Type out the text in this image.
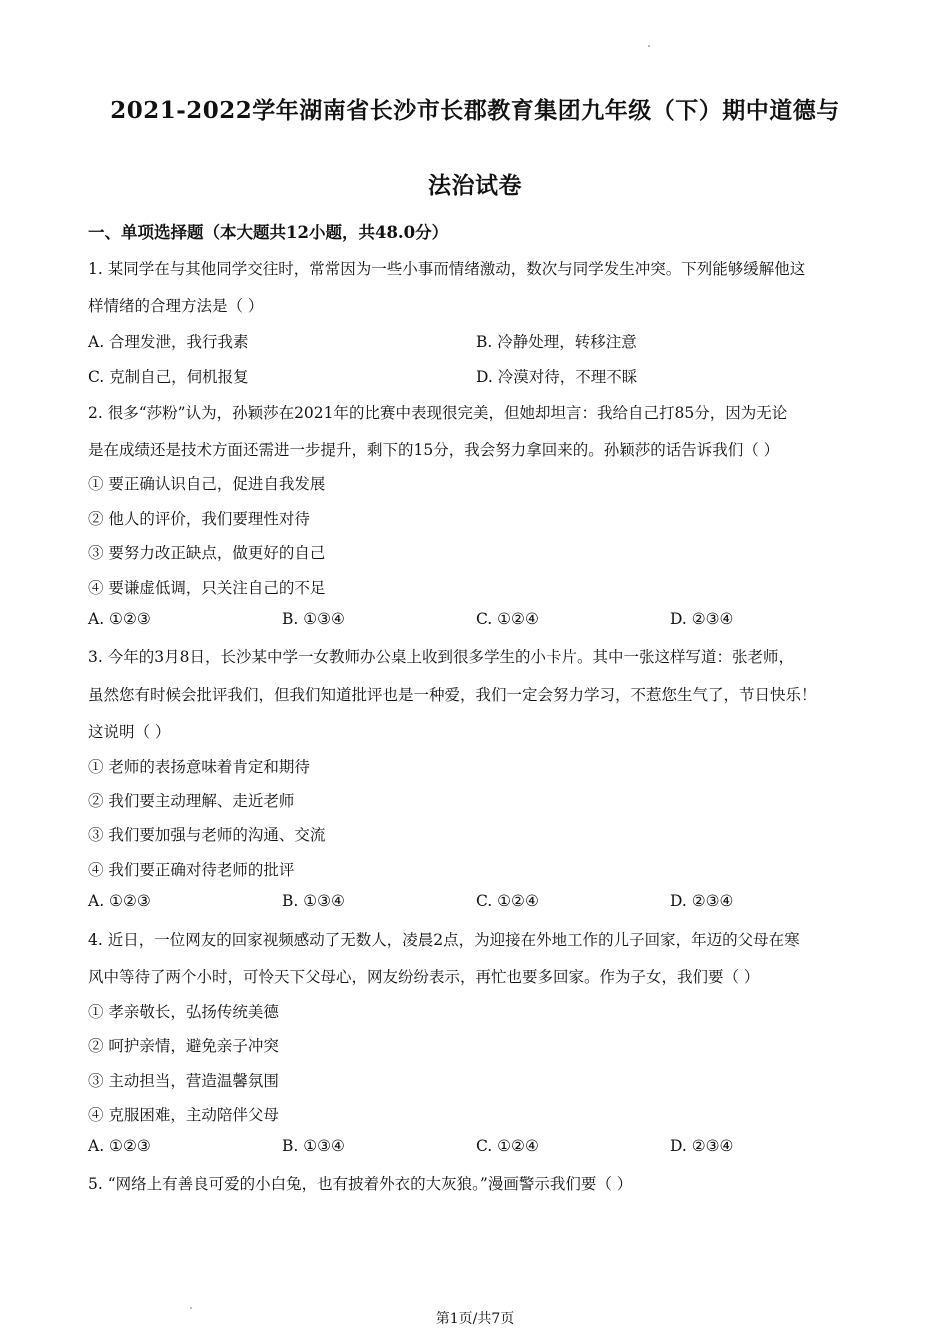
2021-2022学年湖南省长沙市长郡教育集团九年级（下）期中道德与
法治试卷
一、单项选择题（本大题共12小题，共48.0分）
1. 某同学在与其他同学交往时，常常因为一些小事而情绪激动，数次与同学发生冲突。下列能够缓解他这
样情绪的合理方法是（ ）
A. 合理发泄，我行我素	B. 冷静处理，转移注意
C. 克制自己，伺机报复	D. 冷漠对待，不理不睬
2. 很多“莎粉”认为，孙颖莎在2021年的比赛中表现很完美，但她却坦言：我给自己打85分，因为无论
是在成绩还是技术方面还需进一步提升，剩下的15分，我会努力拿回来的。孙颖莎的话告诉我们（ ）
① 要正确认识自己，促进自我发展
② 他人的评价，我们要理性对待
③ 要努力改正缺点，做更好的自己
④ 要谦虚低调，只关注自己的不足
A. ①②③	B. ①③④	C. ①②④	D. ②③④
3. 今年的3月8日，长沙某中学一女教师办公桌上收到很多学生的小卡片。其中一张这样写道：张老师，
虽然您有时候会批评我们，但我们知道批评也是一种爱，我们一定会努力学习，不惹您生气了，节日快乐！
这说明（ ）
① 老师的表扬意味着肯定和期待
② 我们要主动理解、走近老师
③ 我们要加强与老师的沟通、交流
④ 我们要正确对待老师的批评
A. ①②③	B. ①③④	C. ①②④	D. ②③④
4. 近日，一位网友的回家视频感动了无数人，凌晨2点，为迎接在外地工作的儿子回家，年迈的父母在寒
风中等待了两个小时，可怜天下父母心，网友纷纷表示，再忙也要多回家。作为子女，我们要（ ）
① 孝亲敬长，弘扬传统美德
② 呵护亲情，避免亲子冲突
③ 主动担当，营造温馨氛围
④ 克服困难，主动陪伴父母
A. ①②③	B. ①③④	C. ①②④	D. ②③④
5. “网络上有善良可爱的小白兔，也有披着外衣的大灰狼。”漫画警示我们要（ ）
第1页/共7页
